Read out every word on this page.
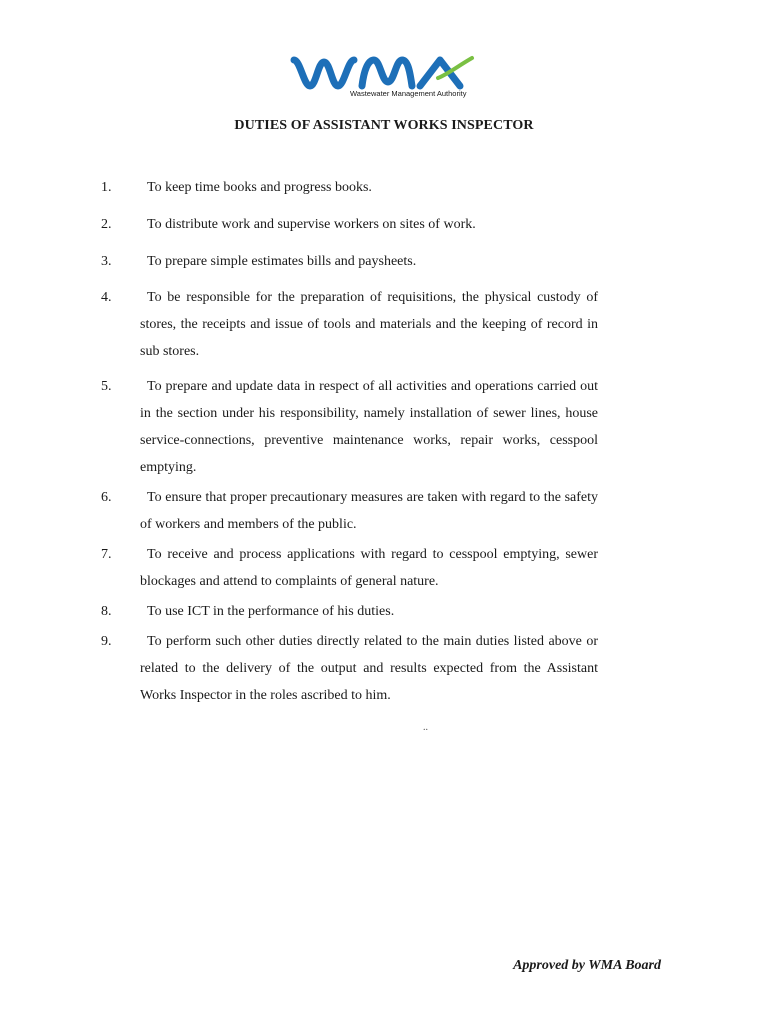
Wastewater Management Authority
DUTIES OF ASSISTANT WORKS INSPECTOR
1.	To keep time books and progress books.
2.	To distribute work and supervise workers on sites of work.
3.	To prepare simple estimates bills and paysheets.
4.	To be responsible for the preparation of requisitions, the physical custody of stores, the receipts and issue of tools and materials and the keeping of record in sub stores.
5.	To prepare and update data in respect of all activities and operations carried out in the section under his responsibility, namely installation of sewer lines, house service-connections, preventive maintenance works, repair works, cesspool emptying.
6.	To ensure that proper precautionary measures are taken with regard to the safety of workers and members of the public.
7.	To receive and process applications with regard to cesspool emptying, sewer blockages and attend to complaints of general nature.
8.	To use ICT in the performance of his duties.
9.	To perform such other duties directly related to the main duties listed above or related to the delivery of the output and results expected from the Assistant Works Inspector in the roles ascribed to him.
..
Approved by WMA Board
